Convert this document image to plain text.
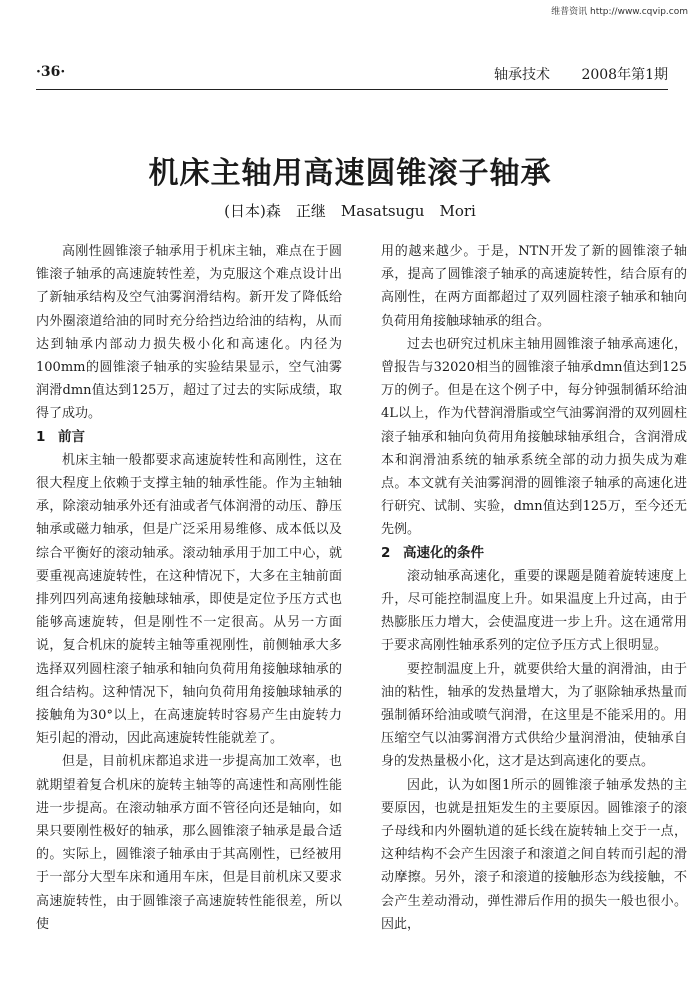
维普资讯 http://www.cqvip.com
·36·	轴承技术 2008年第1期
机床主轴用高速圆锥滚子轴承
(日本)森　正继　Masatsugu　Mori

高刚性圆锥滚子轴承用于机床主轴，难点在于圆锥滚子轴承的高速旋转性差，为克服这个难点设计出了新轴承结构及空气油雾润滑结构。新开发了降低给内外圈滚道给油的同时充分给挡边给油的结构，从而达到轴承内部动力损失极小化和高速化。内径为100mm的圆锥滚子轴承的实验结果显示，空气油雾润滑dmn值达到125万，超过了过去的实际成绩，取得了成功。

1 前言

机床主轴一般都要求高速旋转性和高刚性，这在很大程度上依赖于支撑主轴的轴承性能。作为主轴轴承，除滚动轴承外还有油或者气体润滑的动压、静压轴承或磁力轴承，但是广泛采用易维修、成本低以及综合平衡好的滚动轴承。滚动轴承用于加工中心，就要重视高速旋转性，在这种情况下，大多在主轴前面排列四列高速角接触球轴承，即使是定位予压方式也能够高速旋转，但是刚性不一定很高。从另一方面说，复合机床的旋转主轴等重视刚性，前侧轴承大多选择双列圆柱滚子轴承和轴向负荷用角接触球轴承的组合结构。这种情况下，轴向负荷用角接触球轴承的接触角为30°以上，在高速旋转时容易产生由旋转力矩引起的滑动，因此高速旋转性能就差了。

但是，目前机床都追求进一步提高加工效率，也就期望着复合机床的旋转主轴等的高速性和高刚性能进一步提高。在滚动轴承方面不管径向还是轴向，如果只要刚性极好的轴承，那么圆锥滚子轴承是最合适的。实际上，圆锥滚子轴承由于其高刚性，已经被用于一部分大型车床和通用车床，但是目前机床又要求高速旋转性，由于圆锥滚子高速旋转性能很差，所以使

用的越来越少。于是，NTN开发了新的圆锥滚子轴承，提高了圆锥滚子轴承的高速旋转性，结合原有的高刚性，在两方面都超过了双列圆柱滚子轴承和轴向负荷用角接触球轴承的组合。

过去也研究过机床主轴用圆锥滚子轴承高速化，曾报告与32020相当的圆锥滚子轴承dmn值达到125万的例子。但是在这个例子中，每分钟强制循环给油4L以上，作为代替润滑脂或空气油雾润滑的双列圆柱滚子轴承和轴向负荷用角接触球轴承组合，含润滑成本和润滑油系统的轴承系统全部的动力损失成为难点。本文就有关油雾润滑的圆锥滚子轴承的高速化进行研究、试制、实验，dmn值达到125万，至今还无先例。

2 高速化的条件

滚动轴承高速化，重要的课题是随着旋转速度上升，尽可能控制温度上升。如果温度上升过高，由于热膨胀压力增大，会使温度进一步上升。这在通常用于要求高刚性轴承系列的定位予压方式上很明显。

要控制温度上升，就要供给大量的润滑油，由于油的粘性，轴承的发热量增大，为了驱除轴承热量而强制循环给油或喷气润滑，在这里是不能采用的。用压缩空气以油雾润滑方式供给少量润滑油，使轴承自身的发热量极小化，这才是达到高速化的要点。

因此，认为如图1所示的圆锥滚子轴承发热的主要原因，也就是扭矩发生的主要原因。圆锥滚子的滚子母线和内外圈轨道的延长线在旋转轴上交于一点，这种结构不会产生因滚子和滚道之间自转而引起的滑动摩擦。另外，滚子和滚道的接触形态为线接触，不会产生差动滑动，弹性滞后作用的损失一般也很小。因此，
